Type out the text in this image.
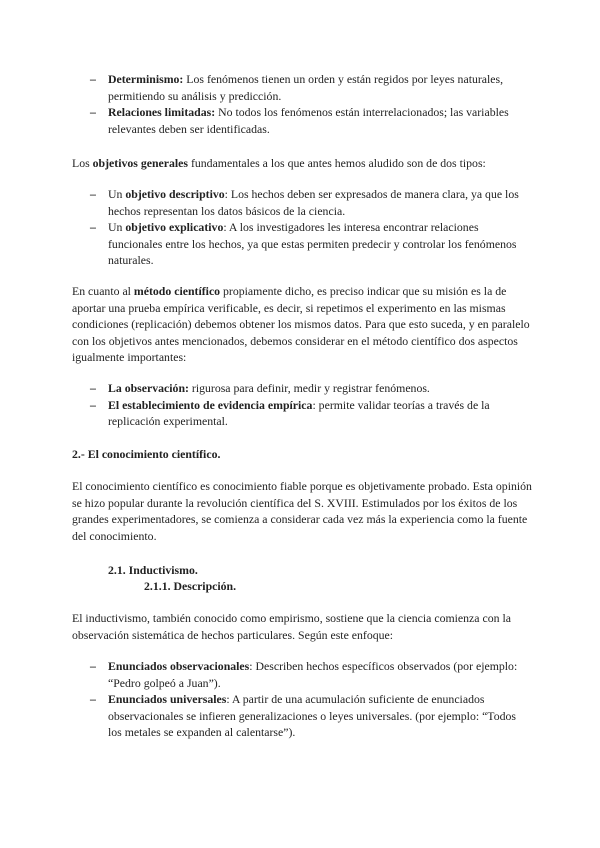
– Determinismo: Los fenómenos tienen un orden y están regidos por leyes naturales, permitiendo su análisis y predicción.
– Relaciones limitadas: No todos los fenómenos están interrelacionados; las variables relevantes deben ser identificadas.

Los objetivos generales fundamentales a los que antes hemos aludido son de dos tipos:

– Un objetivo descriptivo: Los hechos deben ser expresados de manera clara, ya que los hechos representan los datos básicos de la ciencia.
– Un objetivo explicativo: A los investigadores les interesa encontrar relaciones funcionales entre los hechos, ya que estas permiten predecir y controlar los fenómenos naturales.

En cuanto al método científico propiamente dicho, es preciso indicar que su misión es la de aportar una prueba empírica verificable, es decir, si repetimos el experimento en las mismas condiciones (replicación) debemos obtener los mismos datos. Para que esto suceda, y en paralelo con los objetivos antes mencionados, debemos considerar en el método científico dos aspectos igualmente importantes:

– La observación: rigurosa para definir, medir y registrar fenómenos.
– El establecimiento de evidencia empírica: permite validar teorías a través de la replicación experimental.

2.- El conocimiento científico.

El conocimiento científico es conocimiento fiable porque es objetivamente probado. Esta opinión se hizo popular durante la revolución científica del S. XVIII. Estimulados por los éxitos de los grandes experimentadores, se comienza a considerar cada vez más la experiencia como la fuente del conocimiento.

2.1. Inductivismo.

2.1.1. Descripción.

El inductivismo, también conocido como empirismo, sostiene que la ciencia comienza con la observación sistemática de hechos particulares. Según este enfoque:

– Enunciados observacionales: Describen hechos específicos observados (por ejemplo: “Pedro golpeó a Juan”).
– Enunciados universales: A partir de una acumulación suficiente de enunciados observacionales se infieren generalizaciones o leyes universales. (por ejemplo: “Todos los metales se expanden al calentarse”).
